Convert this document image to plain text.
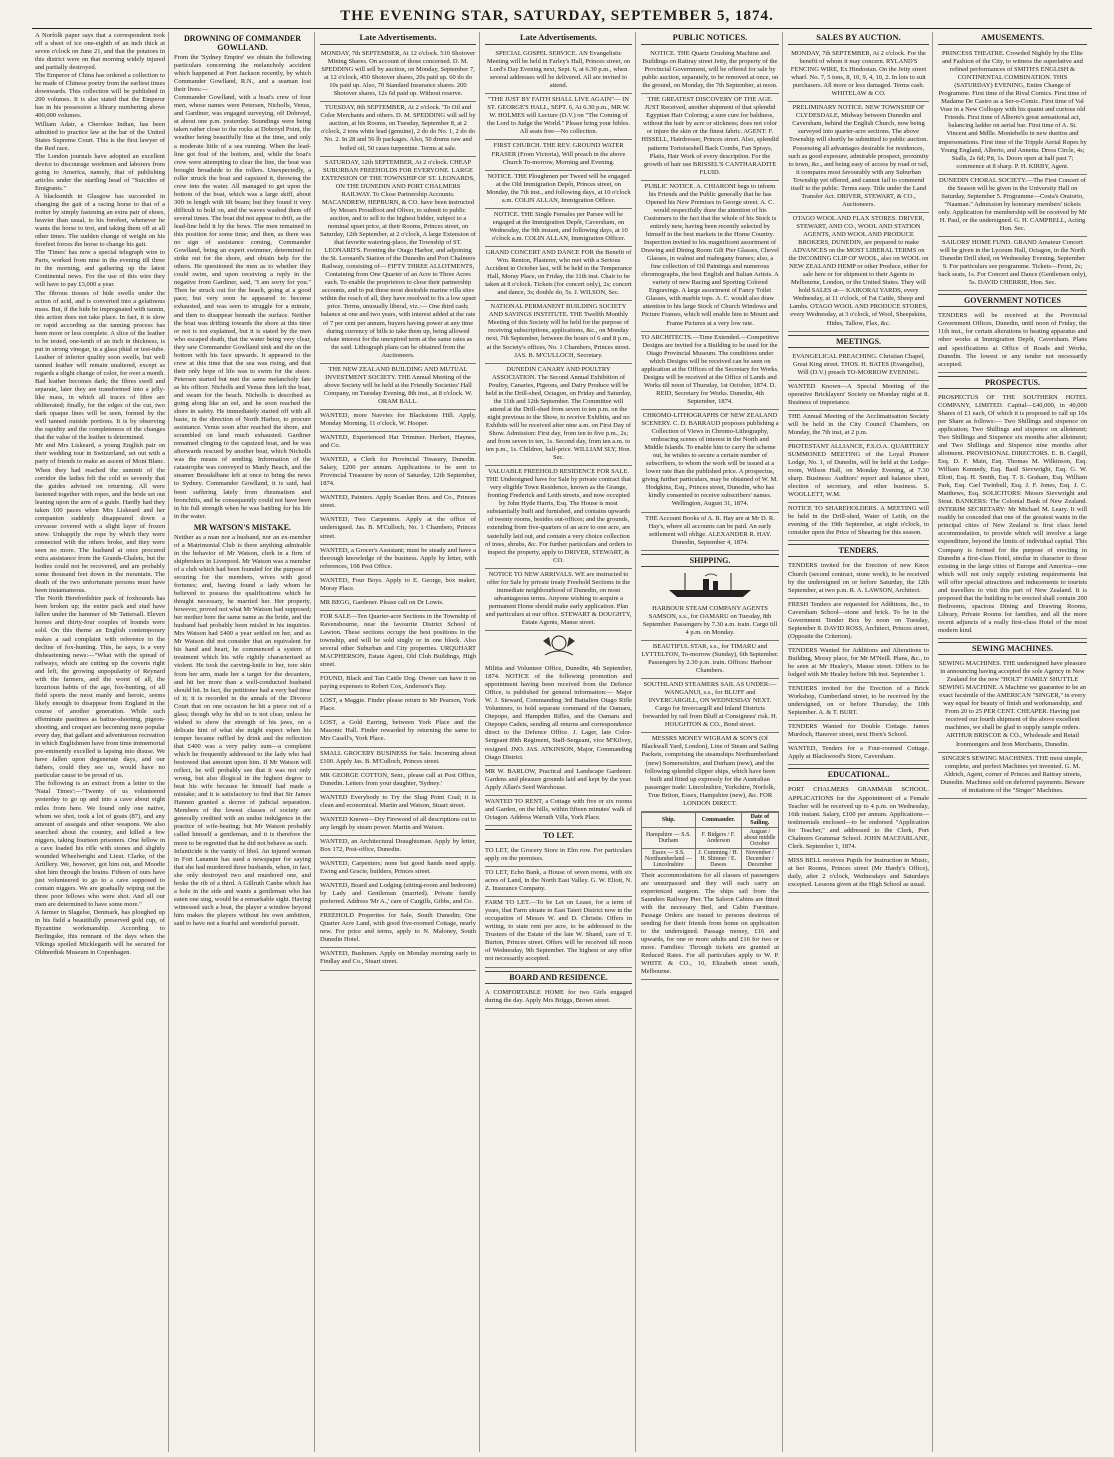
THE EVENING STAR, SATURDAY, SEPTEMBER 5, 1874.

A Norfolk paper says that a correspondent took off a sheet of ice one-eighth of an inch thick at seven o'clock on June 21, and that the potatoes in this district were on that morning widely injured and partially destroyed.

The Emperor of China has ordered a collection to be made of Chinese poetry from the earliest times downwards. This collection will be published in 200 volumes. It is also stated that the Emperor has in his possession a library numbering above 400,000 volumes.

William Adair, a Cherokee Indian, has been admitted to practice law at the bar of the United States Supreme Court. This is the first lawyer of the Red race.

The London journals have adopted an excellent device to discourage workmen and laborers from going to America, namely, that of publishing articles under the startling head of "Suicides of Emigrants."

A blacksmith in Glasgow has succeeded in changing the gait of a racing horse to that of a trotter by simply fastening an extra pair of shoes, heavier than usual, to his forefeet, whenever he wants the horse to trot, and taking them off at all other times. The sudden change of weight on his forefeet forces the horse to change his gait.

The 'Times' has now a special telegraph wire to Paris, worked from nine in the evening till three in the morning, and gathering up the latest Continental news. For the use of this wire they will have to pay £3,000 a year.

The fibrous tissues of hide swells under the action of acid, and is converted into a gelatinous mass. But, if the hide be impregnated with tannin, this action does not take place. In fact, it is slow or rapid according as the tanning process has been more or less complete. A slice of the leather to be tested, one-tenth of an inch in thickness, is put in strong vinegar, in a glass phial or test-tube. Leather of inferior quality soon swells, but well tanned leather will remain unaltered, except as regards a slight change of color, for over a month. Bad leather becomes dark; the fibres swell and separate, later they are transformed into a jelly-like mass, in which all traces of fibre are obliterated; finally, for the edges of the cut, two dark opaque lines will be seen, formed by the well tanned outside portions. It is by observing the rapidity and the completeness of the changes that the value of the leather is determined.

Mr and Mrs Liskeard, a young English pair on their wedding tour in Switzerland, set out with a party of friends to make an ascent of Mont Blanc. When they had reached the summit of the corridor the ladies felt the cold so severely that the guides advised on returning. All were fastened together with ropes, and the bride set out leaning upon the arm of a guide. Hardly had they taken 100 paces when Mrs Liskeard and her companion suddenly disappeared down a crevasse covered with a slight layer of frozen snow. Unhappily the rope by which they were connected with the others broke, and they were seen no more. The husband at once procured extra assistance from the Grands-Chalets, but the bodies could not be recovered, and are probably some thousand feet down in the mountain. The death of the two unfortunate persons must have been instantaneous.

The North Herefordshire pack of foxhounds has been broken up; the entire pack and stud have fallen under the hammer of Mr Tattersall. Eleven horses and thirty-four couples of hounds were sold. On this theme an English contemporary makes a sad complaint with reference to the decline of fox-hunting. This, he says, is a very disheartening news:—"What with the spread of railways, which are cutting up the coverts right and left, the growing unpopularity of Reynard with the farmers, and the worst of all, the luxurious habits of the age, fox-hunting, of all field sports the most manly and heroic, seems likely enough to disappear from England in the course of another generation. While such effeminate pastimes as battue-shooting, pigeon-shooting, and croquet are becoming more popular every day, that gallant and adventurous recreation in which Englishmen have from time immemorial pre-eminently excelled is lapsing into disuse. We have fallen upon degenerate days, and our fathers, could they see us, would have no particular cause to be proud of us.

The following is an extract from a letter to the 'Natal Times':—"Twenty of us volunteered yesterday to go up and into a cave about eight miles from here. We found only one native, whom we shot, took a lot of goats (87), and any amount of assegais and other weapons. We also searched about the country, and killed a few niggers, taking fourteen prisoners. One fellow in a cave loaded his rifle with stones and slightly wounded Wheelwright and Lieut. Clarke, of the Artillery. We, however, got him out, and Moodie shot him through the brains. Fifteen of ours have just volunteered to go to a cave supposed to contain niggers. We are gradually wiping out the three poor fellows who were shot. And all our men are determined to have some more."

A farmer in Slagelse, Denmark, has ploughed up in his field a beautifully preserved gold cup, of Byzantine workmanship. According to Berlingske, this remnant of the days when the Vikings spoiled Micklegarth will be secured for Oldnordisk Museum in Copenhagen.

DROWNING OF COMMANDER GOWLLAND.

From the 'Sydney Empire' we obtain the following particulars concerning the melancholy accident which happened at Port Jackson recently, by which Commander Gowlland, R.N., and a seaman lost their lives:—

Commander Gowlland, with a boat's crew of four men, whose names were Petersen, Nicholls, Venus, and Gardiner, was engaged surveying, off Dobroyd, at about one p.m. yesterday. Soundings were being taken rather close to the rocks at Dobroyd Point, the weather being beautifully fine at the time, and only a moderate little of a sea running. When the lead-line got foul of the bottom, and, while the boat's crew were attempting to clear the line, the boat was brought broadside to the rollers. Unexpectedly, a roller struck the boat and capsized it, throwing the crew into the water. All managed to get upon the bottom of the boat, which was a large skiff, about 30ft in length with 6ft beam; but they found it very difficult to hold on, and the waves washed them off several times. The boat did not appear to drift, as the lead-line held it by the bows. The men remained in this position for some time; and then, as there was no sign of assistance coming, Commander Gowlland, being an expert swimmer, determined to strike out for the shore, and obtain help for the others. He questioned the men as to whether they could swim, and upon receiving a reply in the negative from Gardiner, said, "I am sorry for you." Then he struck out for the beach, going at a good pace; but very soon he appeared to become exhausted, and was seen to struggle for a minute, and then to disappear beneath the surface. Neither the boat was drifting towards the shore at this time or not is not explained, but it is stated by the men who escaped death, that the water being very clear, they saw Commander Gowlland sink and die on the bottom with his face upwards. It appeared to the crew at this time that the sea was rising, and that their only hope of life was to swim for the shore. Petersen started but met the same melancholy fate as his officer. Nicholls and Venus then left the boat, and swam for the beach. Nicholls is described as going along like an eel, and he soon reached the shore in safety. He immediately started off with all haste, in the direction of North Harbor, to procure assistance. Venus soon after reached the shore, and scrambled on land much exhausted. Gardiner remained clinging to the capsized boat, and he was afterwards rescued by another boat, which Nicholls was the means of sending. Information of the catastrophe was conveyed to Manly Beach, and the steamer Breadalbane left at once to bring the news to Sydney. Commander Gowlland, it is said, had been suffering lately from rheumatism and bronchitis, and he consequently could not have been in his full strength when he was battling for his life in the water.

MR WATSON'S MISTAKE.

Neither as a man nor a husband, nor an ex-member of a Matrimonial Club is there anything admirable in the behavior of Mr Watson, clerk in a firm of shipbrokers in Liverpool. Mr Watson was a member of a club which had been founded for the purpose of securing for the members, wives with good fortunes; and, having found a lady whom he believed to possess the qualifications which he thought necessary, he married her. Her property, however, proved not what Mr Watson had supposed; her mother bore the same name as the bride, and the husband had probably been misled in his inquiries. Mrs Watson had £400 a year settled on her, and as Mr Watson did not consider that an equivalent for his hand and heart, he commenced a system of treatment which his wife rightly characterised as violent. He took the carving-knife to her, tore skin from her arm, made her a target for the decanters, and hit her more than a well-conducted husband should hit. In fact, the petitioner had a very bad time of it; it is recorded in the annals of the Divorce Court that on one occasion he hit a piece out of a glass; though why he did so is not clear, unless he wished to show the strength of his jaws, on a delicate hint of what she might expect when his temper became ruffled by drink and the reflection that £400 was a very paltry sum—a complaint which he frequently addressed to the lady who had bestowed that amount upon him. If Mr Watson will reflect, he will probably see that it was not only wrong, but also illogical in the highest degree to beat his wife because he himself had made a mistake; and it is satisfactory to find that Sir James Hannen granted a decree of judicial separation. Members of the lowest classes of society are generally credited with an undue indulgence in the practice of wife-beating; but Mr Watson probably called himself a gentleman, and it is therefore the more to be regretted that he did not behave as such.

Infanticide is the vanity of libel. An injured woman in Fort Lanamie has sued a newspaper for saying that she had murdered three husbands, when, in fact, she only destroyed two and murdered one, and broke the rib of a third. A Gillruth Canbe which has a hole in the side and wants a gentleman who has eaten one sing, would be a remarkable sight. Having witnessed such a boat, the player a window beyond him makes the players without his own ambition, said to have not a fearful and wonderful pursuit.

Late Advertisements.

MONDAY, 7th SEPTEMBER, At 12 o'clock. 510 Shotover Mining Shares. On account of those concerned. D. M. SPEDDING will sell by auction, on Monday, September 7, at 12 o'clock, 450 Shotover shares, 20s paid up. 60 do do 10s paid up. Also, 70 Standard Insurance shares. 200 Shotover shares, 12s 6d paid up. Without reserve.

TUESDAY, 8th SEPTEMBER, At 2 o'clock. 'To Oil and Color Merchants and others. D. M. SPEDDING will sell by auction, at his Rooms, on Tuesday, September 8, at 2 o'clock, 2 tons white lead (genuine), 2 do do No. 1, 2 do do No. 2. In 28 and 56 lb packages. Also, 50 drums raw and boiled oil, 50 cases turpentine. Terms at sale.

SATURDAY, 12th SEPTEMBER, At 2 o'clock. CHEAP SUBURBAN FREEHOLDS FOR EVERYONE. LARGE EXTENSION OF THE TOWNSHIP OF ST. LEONARDS, ON THE DUNEDIN AND PORT CHALMERS RAILWAY. To Close Partnership Accounts. MACANDREW, HEPBURN, & CO. have been instructed by Messrs Proudfoot and Oliver, to submit to public auction, and to sell to the highest bidder, subject to a nominal upset price, at their Rooms, Princes street, on Saturday, 12th September, at 2 o'clock, A large Extension of that favorite watering-place, the Township of ST. LEONARD'S. Fronting the Otago Harbor, and adjoining the St. Leonard's Station of the Dunedin and Port Chalmers Railway, consisting of— FIFTY THREE ALLOTMENTS, Containing from One Quarter of an Acre to Three Acres each. To enable the proprietors to close their partnership accounts, and to put these most desirable marine villa sites within the reach of all, they have resolved to fix a low upset price. Terms, unusually liberal, viz.:— One third cash; balance at one and two years, with interest added at the rate of 7 per cent per annum, buyers having power at any time during currency of bills to take them up, being allowed rebate interest for the unexpired term at the same rates as the said. Lithograph plans can be obtained from the Auctioneers.

THE NEW ZEALAND BUILDING AND MUTUAL INVESTMENT SOCIETY. THE Annual Meeting of the above Society will be held at the Friendly Societies' Hall Company, on Tuesday Evening, 8th inst., at 8 o'clock. W. ORAM BALL.

WANTED, more Navvies for Blackstone Hill. Apply, Monday Morning, 11 o'clock, W. Hooper.

WANTED, Experienced Hat Trimmer. Herbert, Haynes, and Co.

WANTED, a Clerk for Provincial Treasury, Dunedin. Salary, £200 per annum. Applications to be sent to Provincial Treasurer by noon of Saturday, 12th September, 1874.

WANTED, Painters. Apply Scanlan Bros. and Co., Princes street.

WANTED, Two Carpenters. Apply at the office of undersigned. Jas. B. M'Culloch, No. 1 Chambers, Princes street.

WANTED, a Grocer's Assistant; must be steady and have a thorough knowledge of the business. Apply by letter, with references, 108 Post Office.

WANTED, Four Boys. Apply to E. George, box maker, Moray Place.

MR BEGG, Gardener. Please call on Dr Lowis.

FOR SALE—Ten Quarter-acre Sections in the Township of Ravensbourne, near the favourite District School of Lawton. These sections occupy the best positions in the township, and will be sold singly or in one block. Also several other Suburban and City properties. URQUHART MACPHERSON, Estate Agent, Old Club Buildings, High street.

FOUND, Black and Tan Cattle Dog. Owner can have it on paying expenses to Robert Cox, Anderson's Bay.

LOST, a Maggie. Finder please return to Mr Pearson, York Place.

LOST, a Gold Earring, between York Place and the Masonic Hall. Finder rewarded by returning the same to Mrs Casell's, York Place.

SMALL GROCERY BUSINESS for Sale. Incoming about £100. Apply Jas. B. M'Culloch, Princes street.

MR GEORGE COTTON, Senr., please call at Post Office, Dunedin. Letters from your daughter, 'Sydney.'

WANTED Everybody to Try the Shag Point Coal; it is clean and economical. Martin and Watson, Stuart street.

WANTED Known—Dry Firewood of all descriptions cut to any length by steam power. Martin and Watson.

WANTED, an Architectural Draughtsman. Apply by letter, Box 172, Post-office, Dunedin.

WANTED, Carpenters; none but good hands need apply. Ewing and Gracie, builders, Princes street.

WANTED, Board and Lodging (sitting-room and bedroom) by Lady and Gentleman (married). Private family preferred. Address 'Mr A.,' care of Cargills, Gibbs, and Co.

FREEHOLD Properties for Sale, South Dunedin; One Quarter Acre Land, with good five-roomed Cottage, nearly new. For price and terms, apply to N. Maloney, South Dunedin Hotel.

WANTED, Bushmen. Apply on Monday morning early to Findlay and Co., Stuart street.

Late Advertisements.

SPECIAL GOSPEL SERVICE. AN Evangelistic Meeting will be held in Farley's Hall, Princes street, on Lord's Day Evening next, Sept. 6, at 6.30 p.m., when several addresses will be delivered. All are invited to attend.

"THE JUST BY FAITH SHALL LIVE AGAIN"— IN ST. GEORGE'S HALL, SEPT. 6, At 6.30 p.m., MR W. W. HOLMES will Lecture (D.V.) on "The Coming of the Lord to Judge the World." Please bring your bibles. All seats free—No collection.

FIRST CHURCH. THE REV. GROUND WATER FRASER (From Victoria), Will preach in the above Church To-morrow, Morning and Evening.

NOTICE. THE Ploughmen per Tweed will be engaged at the Old Immigration Depôt, Princes street, on Monday, the 7th inst., and following days, at 10 o'clock a.m. COLIN ALLAN, Immigration Officer.

NOTICE. THE Single Females per Parsee will be engaged at the Immigration Depôt, Caversham, on Wednesday, the 9th instant, and following days, at 10 o'clock a.m. COLIN ALLAN, Immigration Officer.

GRAND CONCERT AND DANCE FOR the Benefit of Wm. Renton, Plasterer, who met with a Serious Accident in October last, will be held in the Temperance Hall, Moray Place, on Friday, the 11th inst. Chair to be taken at 8 o'clock. Tickets (for concert only), 2s; concert and dance, 3s; double do, 5s. J. WILSON, Sec.

NATIONAL PERMANENT BUILDING SOCIETY AND SAVINGS INSTITUTE. THE Twelfth Monthly Meeting of this Society will be held for the purpose of receiving subscriptions, applications, &c., on Monday next, 7th September, between the hours of 6 and 8 p.m., at the Society's offices, No. 1 Chambers, Princes street. JAS. B. M'CULLOCH, Secretary.

DUNEDIN CANARY AND POULTRY ASSOCIATION. The Second Annual Exhibition of Poultry, Canaries, Pigeons, and Dairy Produce will be held in the Drill-shed, Octagon, on Friday and Saturday, the 11th and 12th September. The Committee will attend at the Drill-shed from seven to ten p.m. on the night previous to the Show, to receive Exhibits, and no Exhibits will be received after nine a.m. on First Day of Show. Admission: First day, from ten to five p.m., 2s; and from seven to ten, 1s. Second day, from ten a.m. to ten p.m., 1s. Children, half-price. WILLIAM SLY, Hon. Sec.

VALUABLE FREEHOLD RESIDENCE FOR SALE. THE Undersigned have for Sale by private contract that very eligible Town Residence, known as the Grange, fronting Frederick and Leith streets, and now occupied by John Hyde Harris, Esq. The House is most substantially built and furnished, and contains upwards of twenty rooms, besides out-offices; and the grounds, extending from five-quarters of an acre to one acre, are tastefully laid out, and contain a very choice collection of trees, shrubs, &c. For further particulars and orders to inspect the property, apply to DRIVER, STEWART, & CO.

NOTICE TO NEW ARRIVALS. WE are instructed to offer for Sale by private treaty Freehold Sections in the immediate neighbourhood of Dunedin, on most advantageous terms. Anyone wishing to acquire a permanent Home should make early application. Plan and particulars at our office. STEWART & DOUGHTY, Estate Agents, Manse street.

Militia and Volunteer Office, Dunedin, 4th September, 1874. NOTICE of the following promotion and appointment having been received from the Defence Office, is published for general information:— Major W. J. Steward, Commanding 3rd Battalion Otago Rifle Volunteers, to hold separate command of the Oamaru, Otepopo, and Hampden Rifles, and the Oamaru and Otepopo Cadets, sending all returns and correspondence direct to the Defence Office. J. Lager, late Color-Sergeant 89th Regiment, Staff-Sergeant, vice M'Kilvey, resigned. JNO. JAS. ATKINSON, Major, Commanding Otago District.

MR W. BARLOW, Practical and Landscape Gardener. Gardens and pleasure grounds laid and kept by the year. Apply Allan's Seed Warehouse.

WANTED TO RENT, a Cottage with five or six rooms and Garden, on the hills, within fifteen minutes' walk of Octagon. Address Warrath Villa, York Place.

TO LET.

TO LET, the Grocery Store in Elm row. For particulars apply on the premises.

TO LET, Echo Bank, a House of seven rooms, with six acres of Land, in the North East Valley. G. W. Eliott, N. Z. Insurance Company.

FARM TO LET.—To be Let on Lease, for a term of years, that Farm situate in East Taieri District now in the occupation of Messrs W. and D. Christie. Offers in writing, to state rent per acre, to be addressed to the Trustees of the Estate of the late W. Shand, care of T. Burton, Princes street. Offers will be received till noon of Wednesday, 9th September. The highest or any offer not necessarily accepted.

BOARD AND RESIDENCE.

A COMFORTABLE HOME for two Girls engaged during the day. Apply Mrs Briggs, Brown street.

PUBLIC NOTICES.

NOTICE. THE Quartz Crushing Machine and Buildings on Rattray street Jetty, the property of the Provincial Government, will be offered for sale by public auction, separately, to be removed at once, on the ground, on Monday, the 7th September, at noon.

THE GREATEST DISCOVERY OF THE AGE. JUST Received, another shipment of that splendid Egyptian Hair Coloring; a sure cure for baldness, without the hair by acre or stickness; does not color or injure the skin or the finest fabric. AGENT: F. HISSELL, Hairdresser, Princes street. Also, splendid patterns Tortoiseshell Back Combs, Fan Sprays, Plaits, Hair Work of every description. For the growth of hair use BRISSEL'S CANTHARADITE FLUID.

PUBLIC NOTICE. A. CHIARONI begs to inform his Friends and the Public generally that he has Opened his New Premises in George street. A. C. would respectfully draw the attention of his Customers to the fact that the whole of his Stock is entirely new, having been recently selected by himself in the best markets in the Home Country. Inspection invited to his magnificent assortment of Drawing and Dining Room Gilt Pier Glasses, Chevel Glasses, in walnut and mahogany frames; also, a fine collection of Oil Paintings and numerous chromographs, the best English and Italian Artists. A variety of new Racing and Sporting Colored Engravings. A large assortment of Fancy Toilet Glasses, with marble tops. A. C. would also draw attention to his large Stock of Church Windows and Picture Frames, which will enable him to Mount and Frame Pictures at a very low rate.

TO ARCHITECTS.—Time Extended.—Competitive Designs are invited for a Building to be used for the Otago Provincial Museum. The conditions under which Designs will be received can be seen on application at the Offices of the Secretary for Works. Designs will be received at the Office of Lands and Works till noon of Thursday, 1st October, 1874. D. REID, Secretary for Works. Dunedin, 4th September, 1874.

CHROMO-LITHOGRAPHS OF NEW ZEALAND SCENERY. C. D. BARRAUD proposes publishing a Collection of Views in Chromo-Lithography, embracing scenes of interest in the North and Middle Islands. To enable him to carry the scheme out, he wishes to secure a certain number of subscribers, to whom the work will be issued at a lower rate than the published price. A prospectus, giving further particulars, may be obtained of W. M. Hodgkins, Esq., Princes street, Dunedin, who has kindly consented to receive subscribers' names. Wellington, August 31, 1874.

THE Account Books of A. R. Hay are at Mr D. R. Hay's, where all accounts can be paid. An early settlement will oblige. ALEXANDER R. HAY. Dunedin, September 4, 1874.

SHIPPING.

HARBOUR STEAM COMPANY AGENTS SAMSON, s.s., for OAMARU on Tuesday, 8th September. Passengers by 7.30 a.m. train. Cargo till 4 p.m. on Monday.

BEAUTIFUL STAR, s.s., for TIMARU and LYTTELTON, To-morrow (Sunday), 6th September. Passengers by 2.30 p.m. train. Offices: Harbour Chambers.

SOUTHLAND STEAMERS SAIL AS UNDER:— WANGANUI, s.s., for BLUFF and INVERCARGILL, ON WEDNESDAY NEXT. Cargo for Invercargill and Inland Districts forwarded by rail from Bluff at Consignees' risk. H. HOUGHTON & CO., Bond street.

MESSRS MONEY WIGRAM & SON'S (Of Blackwall Yard, London), Line of Steam and Sailing Packets, comprising the steamships Northumberland (new) Somersetshire, and Durham (new), and the following splendid clipper ships, which have been built and fitted up expressly for the Australian passenger trade: Lincolnshire, Yorkshire, Norfolk, True Briton, Essex, Hampshire (new), &c. FOR LONDON DIRECT.

Ship.	Commander.	Date of Sailing.
Hampshire — S.S. Durham	F. Bidgers / F. Anderson	August / about middle October
Essex — S.S. Northumberland — Lincolnshire	J. Cumming / H. H. Shinner / E. Dawes	November / December / December

Their accommodations for all classes of passengers are unsurpassed and they will each carry an experienced surgeon. The ships sail from the Saunders Railway Pier. The Saloon Cabins are fitted with the necessary Bed, and Cabin Furniture. Passage Orders are issued to persons desirous of sending for their friends from home on application to the undersigned. Passage money, £16 and upwards, for one or more adults and £16 for two or more. Families: Through tickets are granted at Reduced Rates. For all particulars apply to W. P. WHITE & CO., 10, Elizabeth street south, Melbourne.

SALES BY AUCTION.

MONDAY, 7th SEPTEMBER, At 2 o'clock. For the benefit of whom it may concern. RYLAND'S FENCING WIRE, Ex Hindostan. On the Jetty street wharf. No. 7, 5 tons, 8, 10, 9, 4, 10, 2. In lots to suit purchasers. All more or less damaged. Terms cash. WHITELAW & CO.

PRELIMINARY NOTICE. NEW TOWNSHIP OF CLYDESDALE, Midway between Dunedin and Caversham, behind the English Church, now being surveyed into quarter-acre sections. The above Township will shortly be submitted to public auction. Possessing all advantages desirable for residences, such as good exposure, admirable prospect, proximity to town, &c., and being easy of access by road or rail, it compares most favourably with any Suburban Township yet offered, and cannot fail to commend itself to the public. Terms easy. Title under the Land Transfer Act. DRIVER, STEWART, & CO., Auctioneers.

OTAGO WOOL AND FLAX STORES. DRIVER, STEWART, AND CO., WOOL AND STATION AGENTS, AND WOOL AND PRODUCE BROKERS, DUNEDIN, are prepared to make ADVANCES on the MOST LIBERAL TERMS on the INCOMING CLIP OF WOOL, also on WOOL on NEW ZEALAND HEMP or other Produce, either for sale here or for shipment to their Agents in Melbourne, London, or the United States. They will hold SALES at— KAIKORAI YARDS, every Wednesday, at 11 o'clock, of Fat Cattle, Sheep and Lambs. OTAGO WOOL AND PRODUCE STORES, every Wednesday, at 3 o'clock, of Wool, Sheepskins, Hides, Tallow, Flax, &c.

MEETINGS.

EVANGELICAL PREACHING. Christian Chapel, Great King street. THOS. H. BATES (Evangelist), Will (D.V.) preach TO-MORROW EVENING.

WANTED Known—A Special Meeting of the operative Bricklayers' Society on Monday night at 8. Business of importance.

THE Annual Meeting of the Acclimatisation Society will be held in the City Council Chambers, on Monday, the 7th inst, at 2 p.m.

PROTESTANT ALLIANCE, F.S.O.A. QUARTERLY SUMMONED MEETING of the Loyal Pioneer Lodge, No. 1, of Dunedin, will be held at the Lodge-room, Wilson Hall, on Monday Evening, at 7.30 sharp. Business: Auditors' report and balance sheet, election of secretary, and other business. S. WOOLLETT, W.M.

NOTICE TO SHAREHOLDERS. A MEETING will be held in the Drill-shed, Water of Leith, on the evening of the 19th September, at eight o'clock, to consider upon the Price of Shearing for this season.

TENDERS.

TENDERS invited for the Erection of new Knox Church (second contract, stone work), to be received by the undersigned on or before Saturday, the 12th September, at two p.m. R. A. LAWSON, Architect.

FRESH Tenders are requested for Additions, &c., to Caversham School—stone and brick. To be in the Government Tender Box by noon on Tuesday, September 8. DAVID ROSS, Architect, Princes street, (Opposite the Criterion).

TENDERS Wanted for Additions and Alterations to Building, Moray place, for Mr M'Neill. Plans, &c., to be seen at Mr Healey's, Manse street. Offers to be lodged with Mr Healey before 9th inst. September 1.

TENDERS invited for the Erection of a Brick Workshop, Cumberland street, to be received by the undersigned, on or before Thursday, the 10th September. A. & T. BURT.

TENDERS Wanted for Double Cottage. James Murdoch, Hanover street, next Horn's School.

WANTED, Tenders for a Four-roomed Cottage. Apply at Blackwood's Store, Caversham.

EDUCATIONAL.

PORT CHALMERS GRAMMAR SCHOOL. APPLICATIONS for the Appointment of a Female Teacher will be received up to 4 p.m. on Wednesday, 16th instant. Salary, £100 per annum. Applications—testimonials enclosed—to be endorsed "Application for Teacher," and addressed to the Clerk, Port Chalmers Grammar School. JOHN MACFARLANE, Clerk. September 1, 1874.

MISS BELL receives Pupils for Instruction in Music, at her Rooms, Princes street (Mr Hardy's Office), daily, after 2 o'clock, Wednesdays and Saturdays excepted. Lessons given at the High School as usual.

AMUSEMENTS.

PRINCESS THEATRE. Crowded Nightly by the Elite and Fashion of the City, to witness the superlative and refined performances of SMITH'S ENGLISH & CONTINENTAL COMBINATION. THIS (SATURDAY) EVENING, Entire Change of Programme. First time of the Rival Comics. First time of Madame De Castro as a Ser-o-Comic. First time of Val Vose in a New Colloquy with his quaint and curious old Friends. First time of Alberto's great sensational act, balancing ladder on aerial bar. First time of A. St. Vincent and Mdlle. Montebello in new duettos and impersonations. First time of the Tripple Aerial Ropes by Young England, Alberto, and Annetta. Dress Circle, 4s; Stalls, 2s 6d; Pit, 1s. Doors open at half past 7; commence at 8 sharp. P. H. KIRBY, Agent.

DUNEDIN CHORAL SOCIETY.—The First Concert of the Season will be given in the University Hall on Saturday, September 5. Programme—Costa's Oratorio, "Naaman." Admission by honorary members' tickets only. Application for membership will be received by Mr H. Paul, or the undersigned. G. H. CAMPBELL, Acting Hon. Sec.

SAILORS' HOME FUND. GRAND Amateur Concert will be given in the Lyceum Hall, Octagon, in the North Dunedin Drill shed, on Wednesday Evening, September 9. For particulars see programme. Tickets—Front, 2s; back seats, 1s. For Concert and Dance (Gentlemen only), 5s. DAVID CHERRIE, Hon. Sec.

GOVERNMENT NOTICES

TENDERS will be received at the Provincial Government Offices, Dunedin, until noon of Friday, the 11th inst., for certain alterations to heating apparatus and other works at Immigration Depôt, Caversham. Plans and specifications at Office of Roads and Works, Dunedin. The lowest or any tender not necessarily accepted.

PROSPECTUS.

PROSPECTUS OF THE SOUTHERN HOTEL COMPANY, LIMITED. Capital—£40,000, in 40,000 Shares of £1 each, Of which it is proposed to call up 10s per Share as follows:— Two Shillings and sixpence on application; Two Shillings and sixpence on allotment; Two Shillings and Sixpence six months after allotment; and Two Shillings and Sixpence nine months after allotment. PROVISIONAL DIRECTORS. E. B. Cargill, Esq. D. F. Main, Esq. Thomas M. Wilkinson, Esq. William Kennedy, Esq. Basil Sievwright, Esq. G. W. Eliott, Esq. H. Smith, Esq. T. S. Graham, Esq. William Park, Esq. Carl Twinbull, Esq. J. F. Jones, Esq. J. C. Matthews, Esq. SOLICITORS: Messrs Sievwright and Stout. BANKERS: The Colonial Bank of New Zealand. INTERIM SECRETARY: Mr Michael M. Leary. It will readily be conceded that one of the greatest wants in the principal cities of New Zealand is first class hotel accommodation, to provide which will involve a large expenditure, beyond the limits of individual capital. This Company is formed for the purpose of erecting in Dunedin a first-class Hotel, similar in character to those existing in the large cities of Europe and America—one which will not only supply existing requirements but will offer special attractions and inducements to tourists and travellers to visit this part of New Zealand. It is proposed that the building to be erected shall contain 200 Bedrooms, spacious Dining and Drawing Rooms, Library, Private Rooms for families, and all the more recent adjuncts of a really first-class Hotel of the most modern kind.

SEWING MACHINES.

SEWING MACHINES. THE undersigned have pleasure in announcing having accepted the sole Agency in New Zealand for the new "HOLT" FAMILY SHUTTLE SEWING MACHINE. A Machine we guarantee to be an exact facsimile of the AMERICAN "SINGER," in every way equal for beauty of finish and workmanship, and From 20 to 25 PER CENT. CHEAPER. Having just received our fourth shipment of the above excellent machines, we shall be glad to supply sample orders. ARTHUR BRISCOE & CO., Wholesale and Retail Ironmongers and Iron Merchants, Dunedin.

SINGER'S SEWING MACHINES. THE most simple, complete, and perfect Machines yet invented. G. M. Aldrich, Agent, corner of Princes and Rattray streets, Dunedin. Machines sold on deferred payments. Beware of imitations of the "Singer" Machines.
